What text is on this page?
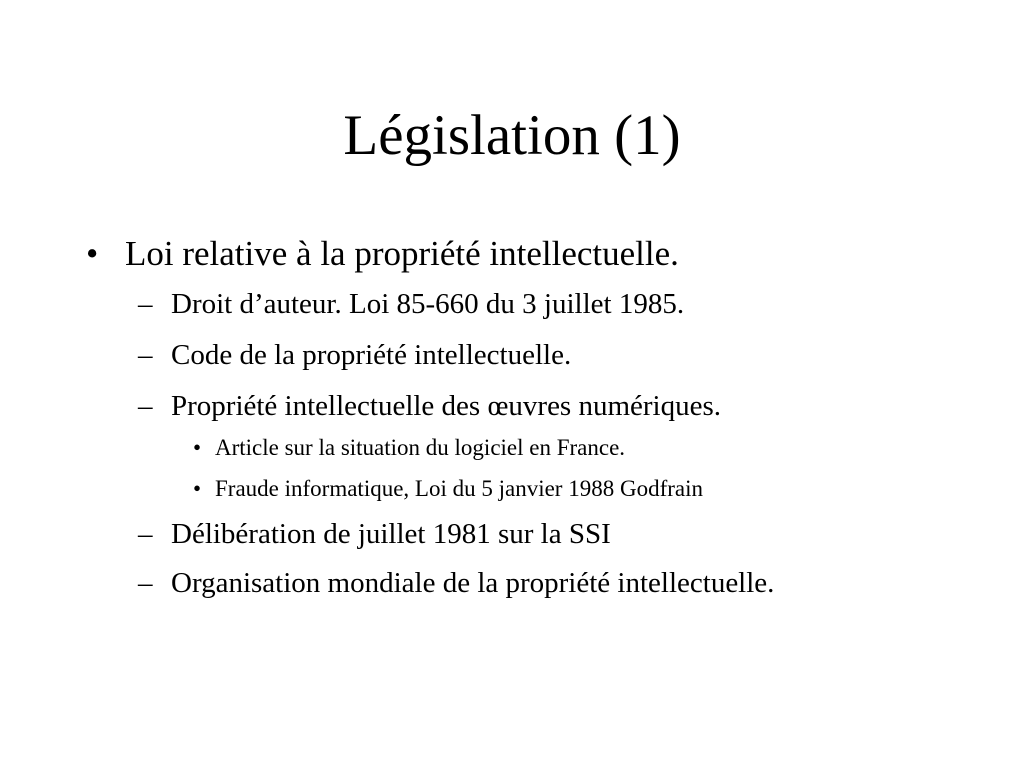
Législation (1)
• Loi relative à la propriété intellectuelle.
– Droit d’auteur. Loi 85-660 du 3 juillet 1985.
– Code de la propriété intellectuelle.
– Propriété intellectuelle des œuvres numériques.
• Article sur la situation du logiciel en France.
• Fraude informatique, Loi du 5 janvier 1988 Godfrain
– Délibération de juillet 1981 sur la SSI
– Organisation mondiale de la propriété intellectuelle.
